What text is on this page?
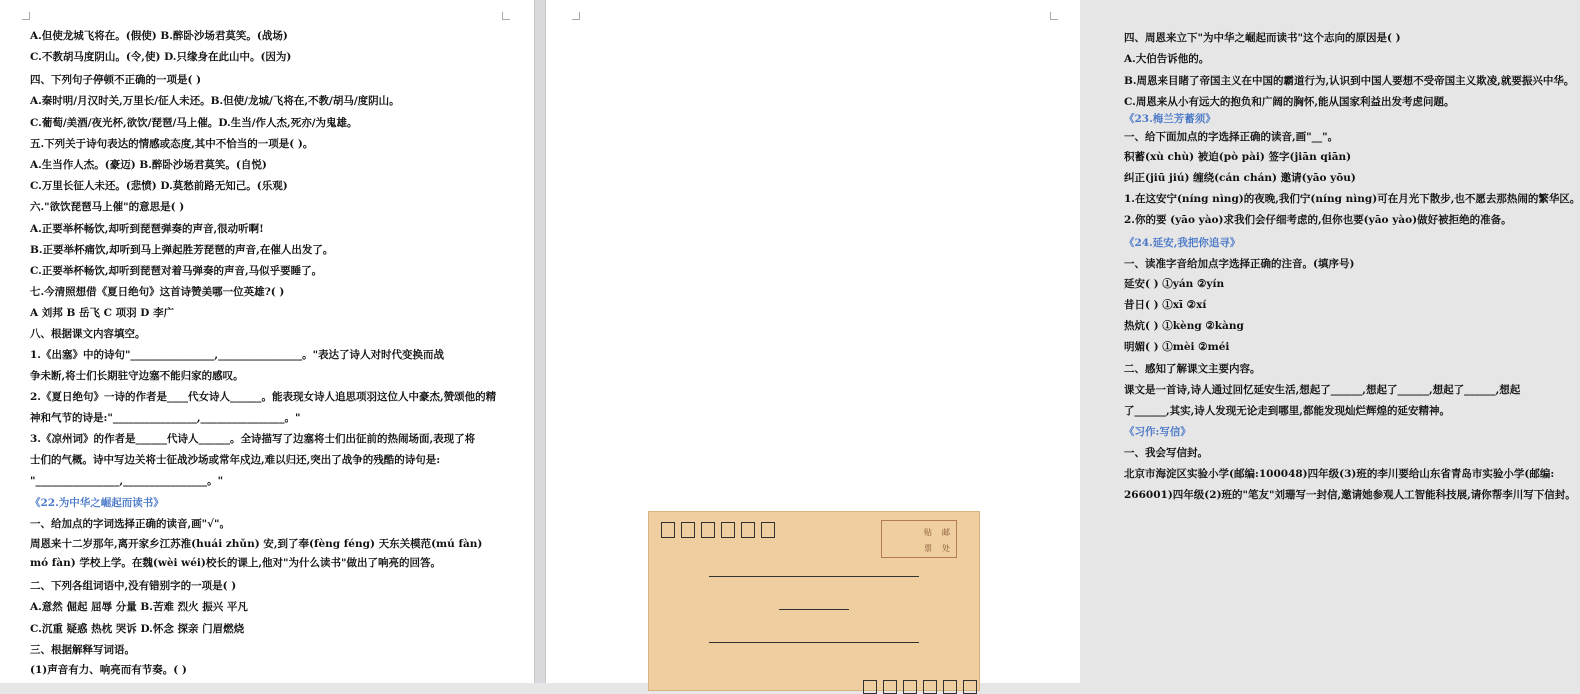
A.但使龙城飞将在。(假使) B.醉卧沙场君莫笑。(战场)
C.不教胡马度阴山。(令,使) D.只缘身在此山中。(因为)
四、下列句子停顿不正确的一项是( )
A.秦时明/月汉时关,万里长/征人未还。B.但使/龙城/飞将在,不教/胡马/度阴山。
C.葡萄/美酒/夜光杯,欲饮/琵琶/马上催。D.生当/作人杰,死亦/为鬼雄。
五.下列关于诗句表达的情感或态度,其中不恰当的一项是( )。
A.生当作人杰。(豪迈) B.醉卧沙场君莫笑。(自悦)
C.万里长征人未还。(悲愤) D.莫愁前路无知己。(乐观)
六."欲饮琵琶马上催"的意思是( )
A.正要举杯畅饮,却听到琵琶弹奏的声音,很动听啊!
B.正要举杯痛饮,却听到马上弹起胜芳琵琶的声音,在催人出发了。
C.正要举杯畅饮,却听到琵琶对着马弹奏的声音,马似乎要睡了。
七.今清照想借《夏日绝句》这首诗赞美哪一位英雄?( )
A 刘邦 B 岳飞 C 项羽 D 李广
八、根据课文内容填空。
1.《出塞》中的诗句"________________,________________。"表达了诗人对时代变换而战
争未断,将士们长期驻守边塞不能归家的感叹。
2.《夏日绝句》一诗的作者是____代女诗人______。能表现女诗人追思项羽这位人中豪杰,赞颂他的精
神和气节的诗是:"________________,________________。"
3.《凉州词》的作者是______代诗人______。全诗描写了边塞将士们出征前的热闹场面,表现了将
士们的气概。诗中写边关将士征战沙场或常年戍边,难以归还,突出了战争的残酷的诗句是:
"________________,________________。"
《22.为中华之崛起而读书》
一、给加点的字词选择正确的读音,画"√"。
周恩来十二岁那年,离开家乡江苏淮(huái zhǔn) 安,到了奉(fèng féng) 天东关模范(mú fàn)
mó fàn) 学校上学。在魏(wèi wéi)校长的课上,他对"为什么读书"做出了响亮的回答。
二、下列各组词语中,没有错别字的一项是( )
A.意然 倔起 屈辱 分量 B.苦难 烈火 振兴 平凡
C.沉重 疑惑 热枕 哭诉 D.怀念 探亲 门眉燃烧
三、根据解释写词语。
(1)声音有力、响亮而有节奏。( )
四、周恩来立下"为中华之崛起而读书"这个志向的原因是( )
A.大伯告诉他的。
B.周恩来目睹了帝国主义在中国的霸道行为,认识到中国人要想不受帝国主义欺凌,就要振兴中华。
C.周恩来从小有远大的抱负和广阔的胸怀,能从国家利益出发考虑问题。
《23.梅兰芳蓄须》
一、给下面加点的字选择正确的读音,画"__"。
积蓄(xù chù) 被迫(pò pài) 签字(jiān qiān)
纠正(jiū jiú) 缠绕(cán chán) 邀请(yāo yōu)
1.在这安宁(níng nìng)的夜晚,我们宁(níng nìng)可在月光下散步,也不愿去那热闹的繁华区。
2.你的要 (yāo yào)求我们会仔细考虑的,但你也要(yāo yào)做好被拒绝的准备。
《24.延安,我把你追寻》
一、读准字音给加点字选择正确的注音。(填序号)
延安( ) ①yán ②yín
昔日( ) ①xī ②xí
热炕( ) ①kèng ②kàng
明媚( ) ①mèi ②méi
二、感知了解课文主要内容。
课文是一首诗,诗人通过回忆延安生活,想起了______,想起了______,想起了______,想起
了______,其实,诗人发现无论走到哪里,都能发现灿烂辉煌的延安精神。
《习作:写信》
一、我会写信封。
北京市海淀区实验小学(邮编:100048)四年级(3)班的李川要给山东省青岛市实验小学(邮编:
266001)四年级(2)班的"笔友"刘珊写一封信,邀请她参观人工智能科技展,请你帮李川写下信封。
贴 邮
票 处
